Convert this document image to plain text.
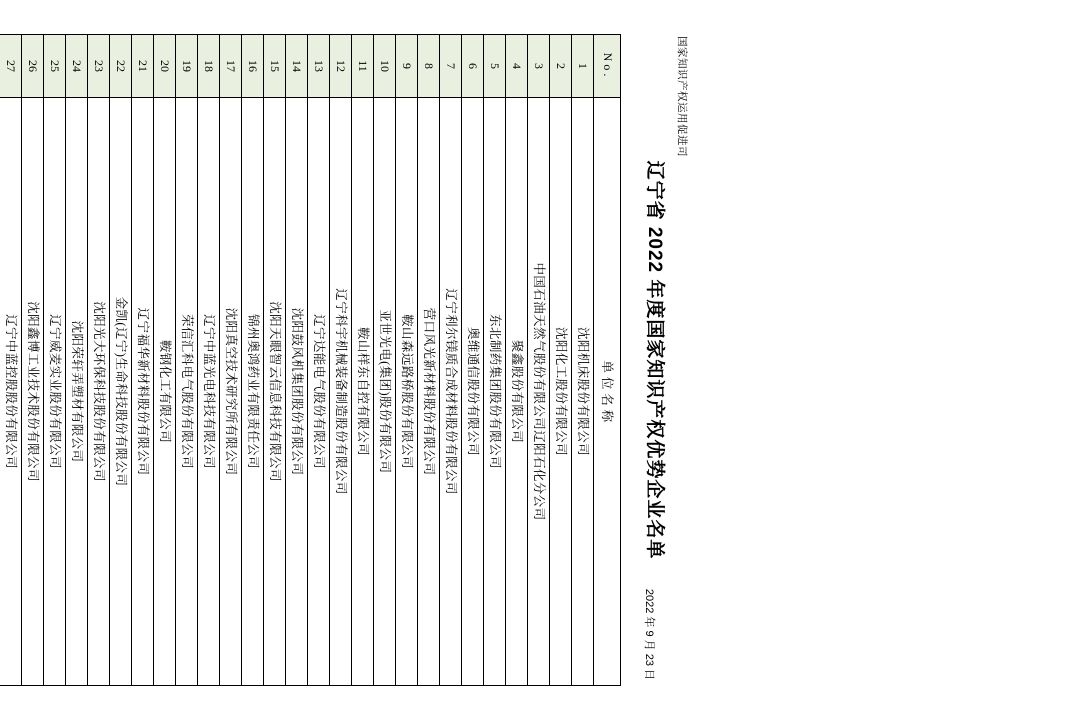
国家知识产权运用促进司
2022 年 9 月 23 日
辽宁省 2022 年度国家知识产权优势企业名单
No.	单 位 名 称
1	沈阳机床股份有限公司
2	沈阳化工股份有限公司
3	中国石油天然气股份有限公司辽阳石化分公司
4	聚鑫股份有限公司
5	东北制药集团股份有限公司
6	奥维通信股份有限公司
7	辽宁利尔镁质合成材料股份有限公司
8	营口风光新材料股份有限公司
9	鞍山森远路桥股份有限公司
10	亚世光电(集团)股份有限公司
11	鞍山样东自控有限公司
12	辽宁科宇机械装备制造股份有限公司
13	辽宁达能电气股份有限公司
14	沈阳鼓风机集团股份有限公司
15	沈阳天眼智云信息科技有限公司
16	锦州奥鸿药业有限责任公司
17	沈阳真空技术研究所有限公司
18	辽宁中蓝光电科技有限公司
19	荣信汇科电气股份有限公司
20	鞍钢化工有限公司
21	辽宁福华新材料股份有限公司
22	金凯(辽宁)生命科技股份有限公司
23	沈阳光大环保科技股份有限公司
24	沈阳荣轩弄塑材有限公司
25	辽宁威麦实业股份有限公司
26	沈阳鑫博工业技术股份有限公司
27	辽宁中蓝控股股份有限公司
